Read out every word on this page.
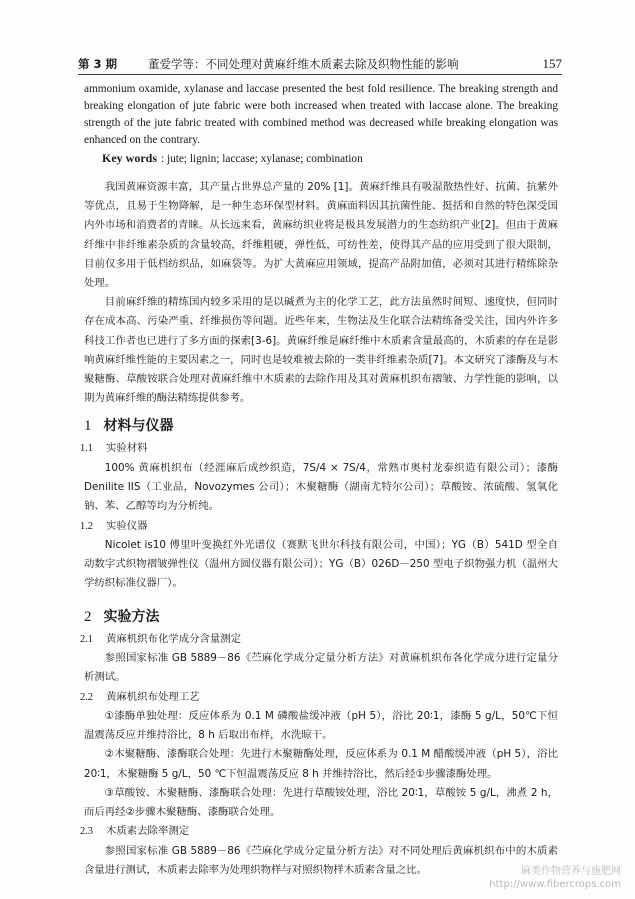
第 3 期	董爱学等：不同处理对黄麻纤维木质素去除及织物性能的影响	157

ammonium oxamide, xylanase and laccase presented the best fold resilience. The breaking strength and breaking elongation of jute fabric were both increased when treated with laccase alone. The breaking strength of the jute fabric treated with combined method was decreased while breaking elongation was enhanced on the contrary.

Key words : jute; lignin; laccase; xylanase; combination

我国黄麻资源丰富，其产量占世界总产量的 20% [1]。黄麻纤维具有吸湿散热性好、抗菌、抗紫外等优点，且易于生物降解，是一种生态环保型材料。黄麻面料因其抗菌性能、挺括和自然的特色深受国内外市场和消费者的青睐。从长远来看，黄麻纺织业将是极具发展潜力的生态纺织产业[2]。但由于黄麻纤维中非纤维素杂质的含量较高，纤维粗硬，弹性低，可纺性差，使得其产品的应用受到了很大限制，目前仅多用于低档纺织品，如麻袋等。为扩大黄麻应用领域，提高产品附加值，必须对其进行精练除杂处理。

目前麻纤维的精练国内较多采用的是以碱煮为主的化学工艺，此方法虽然时间短、速度快，但同时存在成本高、污染严重、纤维损伤等问题。近些年来，生物法及生化联合法精练备受关注，国内外许多科技工作者也已进行了多方面的探索[3-6]。黄麻纤维是麻纤维中木质素含量最高的，木质素的存在是影响黄麻纤维性能的主要因素之一，同时也是较难被去除的一类非纤维素杂质[7]。本文研究了漆酶及与木聚糖酶、草酸铵联合处理对黄麻纤维中木质素的去除作用及其对黄麻机织布褶皱、力学性能的影响，以期为黄麻纤维的酶法精练提供参考。

1 材料与仪器
1.1 实验材料

100% 黄麻机织布（经涯麻后成纱织造，7S/4 × 7S/4，常熟市奥村龙泰织造有限公司）；漆酶 Denilite IIS（工业品，Novozymes 公司）；木聚糖酶（湖南尤特尔公司）；草酸铵、浓硫酸、氢氧化钠、苯、乙醇等均为分析纯。

1.2 实验仪器

Nicolet is10 傅里叶变换红外光谱仪（赛默飞世尔科技有限公司，中国）；YG（B）541D 型全自动数字式织物褶皱弹性仪（温州方圆仪器有限公司）；YG（B）026D－250 型电子织物强力机（温州大学纺织标准仪器厂）。

2 实验方法
2.1 黄麻机织布化学成分含量测定

参照国家标准 GB 5889－86《苎麻化学成分定量分析方法》对黄麻机织布各化学成分进行定量分析测试。

2.2 黄麻机织布处理工艺

①漆酶单独处理：反应体系为 0.1 M 磷酸盐缓冲液（pH 5），浴比 20∶1，漆酶 5 g/L，50℃下恒温震荡反应并维持浴比，8 h 后取出布样，水洗晾干。

②木聚糖酶、漆酶联合处理：先进行木聚糖酶处理，反应体系为 0.1 M 醋酸缓冲液（pH 5），浴比 20∶1，木聚糖酶 5 g/L，50 ℃下恒温震荡反应 8 h 并维持浴比，然后经①步骤漆酶处理。

③草酸铵、木聚糖酶、漆酶联合处理：先进行草酸铵处理，浴比 20∶1，草酸铵 5 g/L，沸煮 2 h，而后再经②步骤木聚糖酶、漆酶联合处理。

2.3 木质素去除率测定

参照国家标准 GB 5889－86《苎麻化学成分定量分析方法》对不同处理后黄麻机织布中的木质素含量进行测试，木质素去除率为处理织物样与对照织物样木质素含量之比。	麻类作物营养与施肥网
http://www.fibercrops.com
